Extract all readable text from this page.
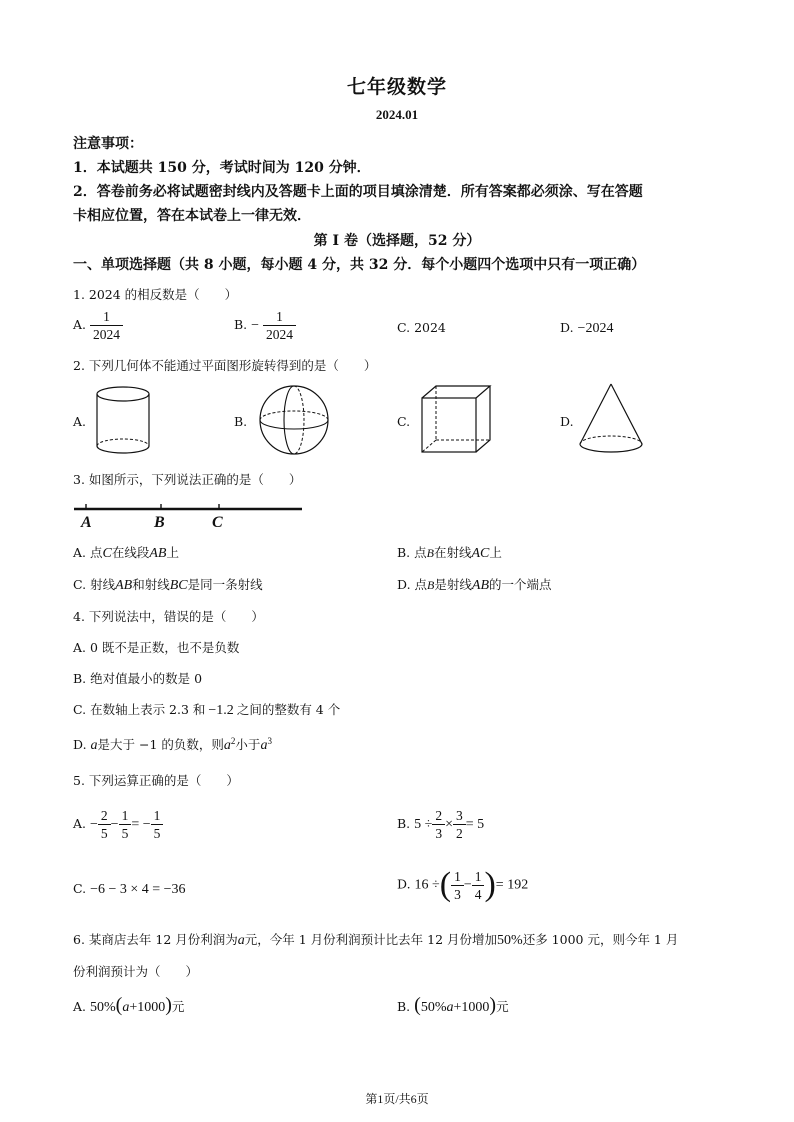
七年级数学
2024.01
注意事项：
1．本试题共 150 分，考试时间为 120 分钟．
2．答卷前务必将试题密封线内及答题卡上面的项目填涂清楚．所有答案都必须涂、写在答题
卡相应位置，答在本试卷上一律无效．
第 Ⅰ 卷（选择题，52 分）
一、单项选择题（共 8 小题，每小题 4 分，共 32 分．每个小题四个选项中只有一项正确）
1. 2024 的相反数是（　　）
A. $\frac{1}{2024}$	B. − $\frac{1}{2024}$	C. 2024	D. −2024
2. 下列几何体不能通过平面图形旋转得到的是（　　）
A.	B.	C.	D.
3. 如图所示，下列说法正确的是（　　）
A	B	C
A. 点C在线段AB上	B. 点B在射线AC上
C. 射线AB和射线BC是同一条射线	D. 点B是射线AB的一个端点
4. 下列说法中，错误的是（　　）
A. 0 既不是正数，也不是负数
B. 绝对值最小的数是 0
C. 在数轴上表示 2.3 和 −1.2 之间的整数有 4 个
D. a是大于 −1 的负数，则$a^2$小于$a^3$
5. 下列运算正确的是（　　）
A. − $\frac{2}{5} - \frac{1}{5}$ = − $\frac{1}{5}$	B. $5 \div \frac{2}{3} \times \frac{3}{2} = 5$
C. −6 − 3 × 4 = −36	D. 16 ÷( $\frac{1}{3} - \frac{1}{4}$ )= 192
6. 某商店去年 12 月份利润为a元，今年 1 月份利润预计比去年 12 月份增加50%还多 1000 元，则今年 1 月
份利润预计为（　　）
A. 50%(a+1000)元	B. (50%a+1000)元
第1页/共6页
